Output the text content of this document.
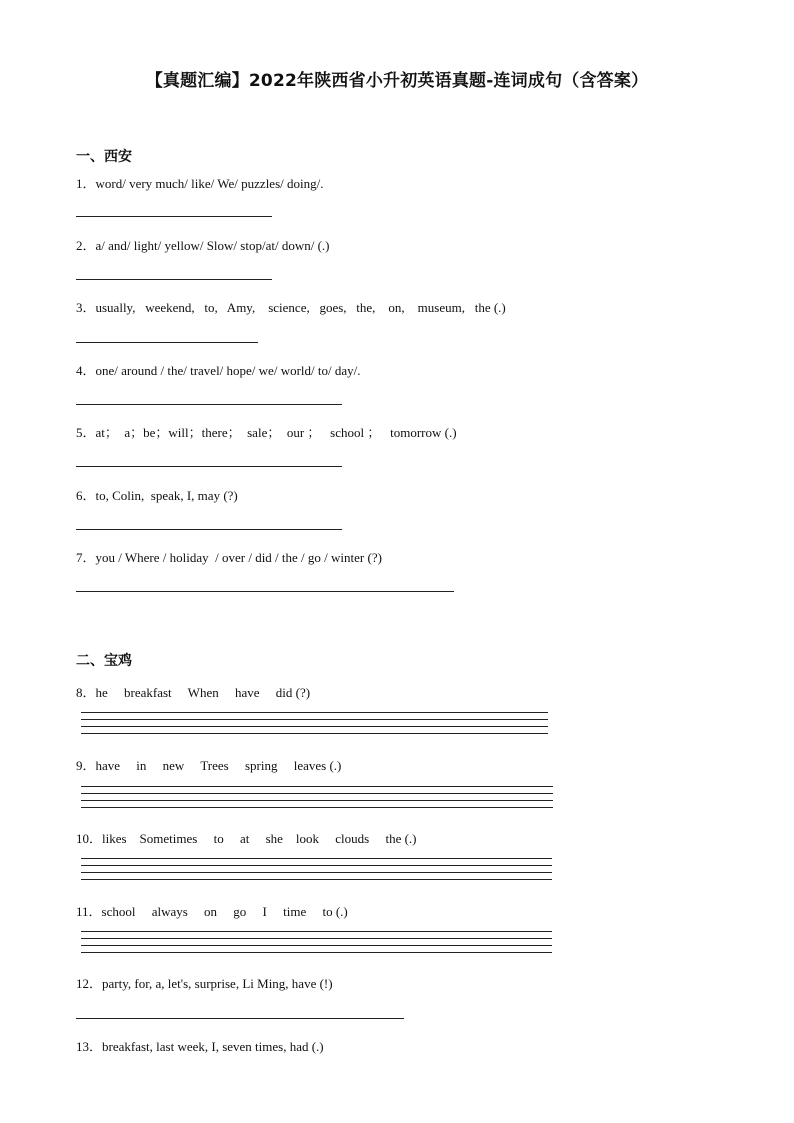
【真题汇编】2022年陕西省小升初英语真题-连词成句（含答案）
一、西安
1．word/ very much/ like/ We/ puzzles/ doing/.
2．a/ and/ light/ yellow/ Slow/ stop/at/ down/ (.)
3．usually,   weekend,   to,   Amy,    science,   goes,   the,    on,    museum,   the (.)
4．one/ around / the/ travel/ hope/ we/ world/ to/ day/.
5．at；  a；be；will；there；  sale；  our ；   school ；   tomorrow (.)
6．to, Colin,  speak, I, may (?)
7．you / Where / holiday  / over / did / the / go / winter (?)
二、宝鸡
8．he     breakfast     When     have     did (?)
9．have     in     new     Trees     spring     leaves (.)
10．likes    Sometimes     to     at     she    look     clouds     the (.)
11．school     always     on     go     I     time     to (.)
12．party, for, a, let's, surprise, Li Ming, have (!)
13．breakfast, last week, I, seven times, had (.)
